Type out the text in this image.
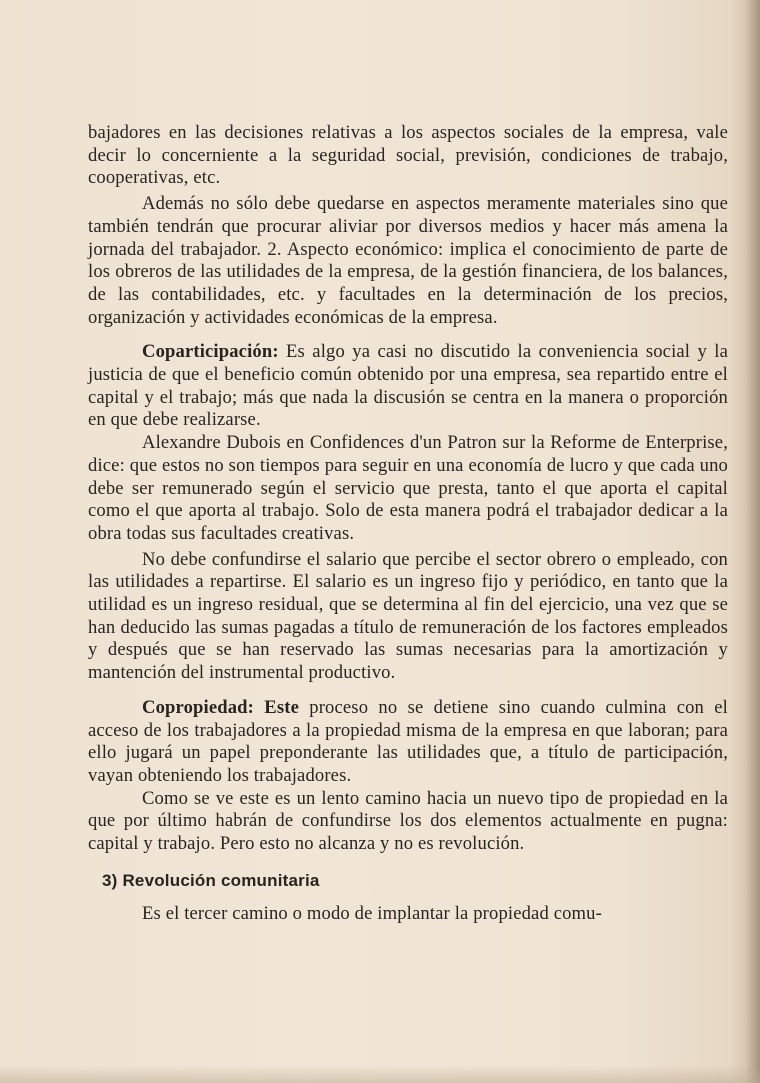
bajadores en las decisiones relativas a los aspectos sociales de la empresa, vale decir lo concerniente a la seguridad social, previsión, condiciones de trabajo, cooperativas, etc.

Además no sólo debe quedarse en aspectos meramente materiales sino que también tendrán que procurar aliviar por diversos medios y hacer más amena la jornada del trabajador. 2. Aspecto económico: implica el conocimiento de parte de los obreros de las utilidades de la empresa, de la gestión financiera, de los balances, de las contabilidades, etc. y facultades en la determinación de los precios, organización y actividades económicas de la empresa.

Coparticipación: Es algo ya casi no discutido la conveniencia social y la justicia de que el beneficio común obtenido por una empresa, sea repartido entre el capital y el trabajo; más que nada la discusión se centra en la manera o proporción en que debe realizarse.

Alexandre Dubois en Confidences d'un Patron sur la Reforme de Enterprise, dice: que estos no son tiempos para seguir en una economía de lucro y que cada uno debe ser remunerado según el servicio que presta, tanto el que aporta el capital como el que aporta al trabajo. Solo de esta manera podrá el trabajador dedicar a la obra todas sus facultades creativas.

No debe confundirse el salario que percibe el sector obrero o empleado, con las utilidades a repartirse. El salario es un ingreso fijo y periódico, en tanto que la utilidad es un ingreso residual, que se determina al fin del ejercicio, una vez que se han deducido las sumas pagadas a título de remuneración de los factores empleados y después que se han reservado las sumas necesarias para la amortización y mantención del instrumental productivo.

Copropiedad: Este proceso no se detiene sino cuando culmina con el acceso de los trabajadores a la propiedad misma de la empresa en que laboran; para ello jugará un papel preponderante las utilidades que, a título de participación, vayan obteniendo los trabajadores.

Como se ve este es un lento camino hacia un nuevo tipo de propiedad en la que por último habrán de confundirse los dos elementos actualmente en pugna: capital y trabajo. Pero esto no alcanza y no es revolución.

3) Revolución comunitaria

Es el tercer camino o modo de implantar la propiedad comu-
